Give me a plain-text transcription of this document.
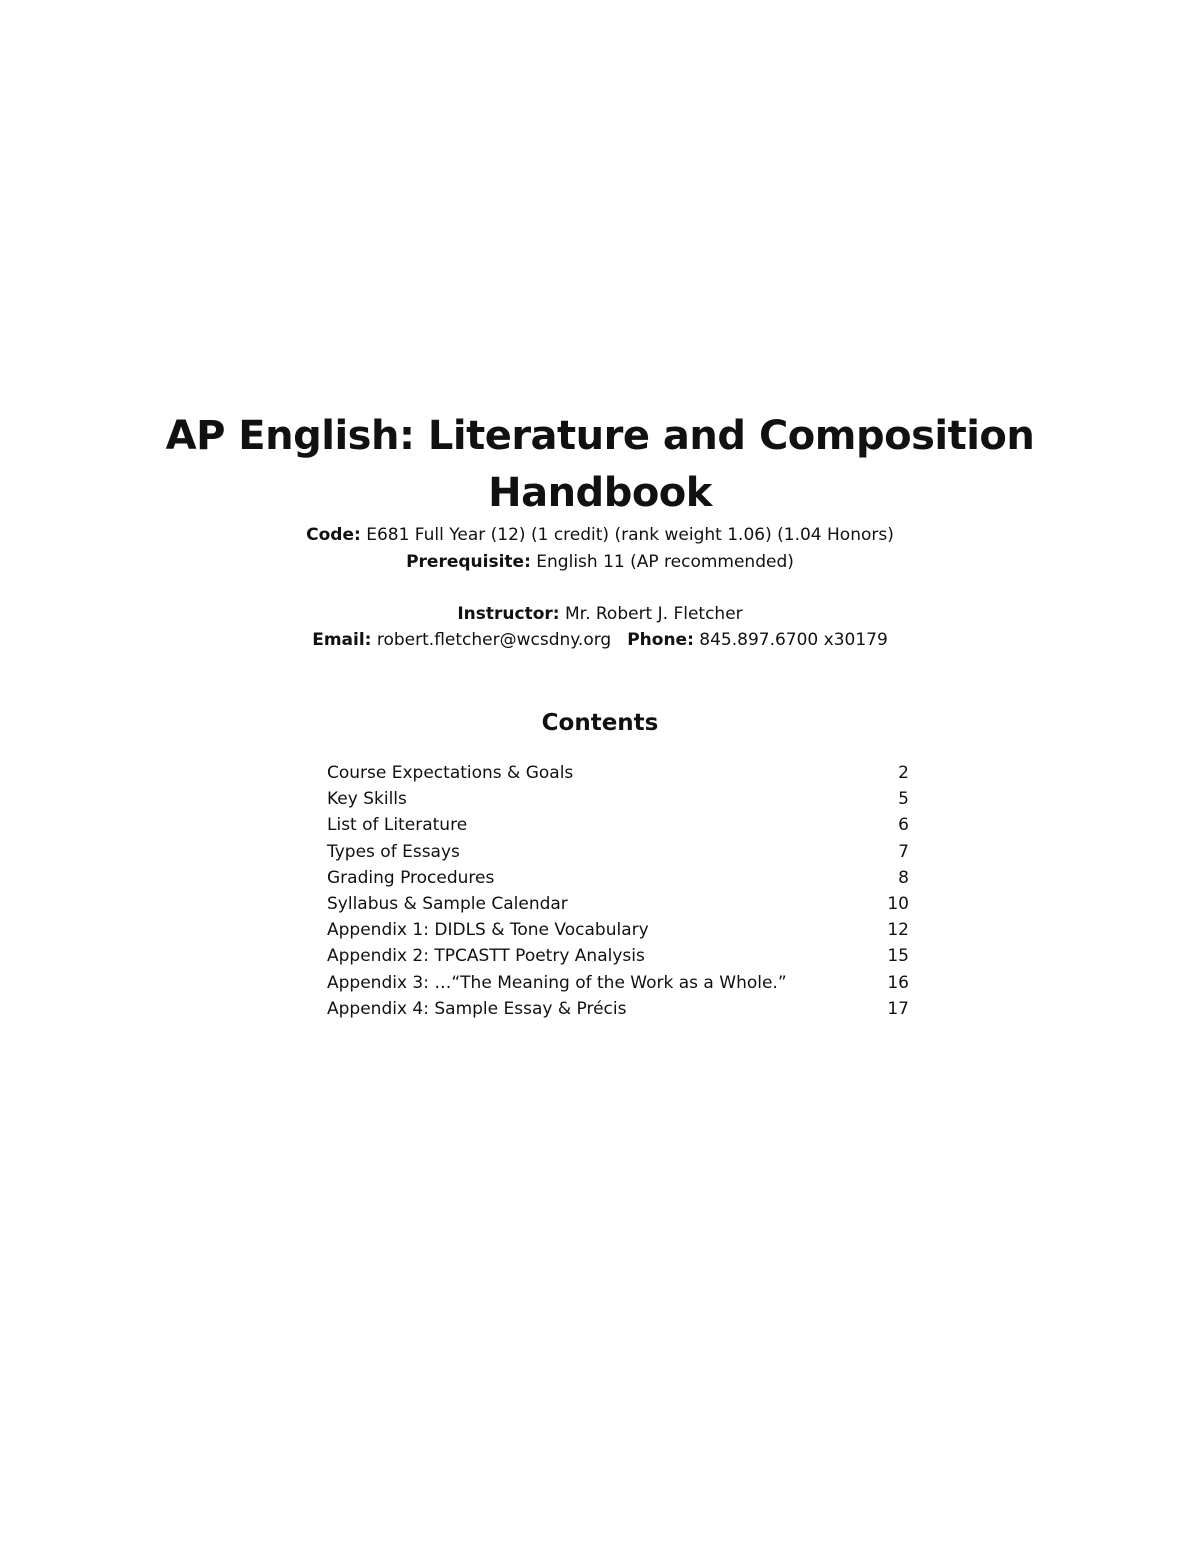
AP English: Literature and Composition
Handbook
Code: E681 Full Year (12) (1 credit) (rank weight 1.06) (1.04 Honors)
Prerequisite: English 11 (AP recommended)
Instructor: Mr. Robert J. Fletcher
Email: robert.fletcher@wcsdny.org Phone: 845.897.6700 x30179
Contents
Course Expectations & Goals	2
Key Skills	5
List of Literature	6
Types of Essays	7
Grading Procedures	8
Syllabus & Sample Calendar	10
Appendix 1: DIDLS & Tone Vocabulary	12
Appendix 2: TPCASTT Poetry Analysis	15
Appendix 3: …“The Meaning of the Work as a Whole.”	16
Appendix 4: Sample Essay & Précis	17
